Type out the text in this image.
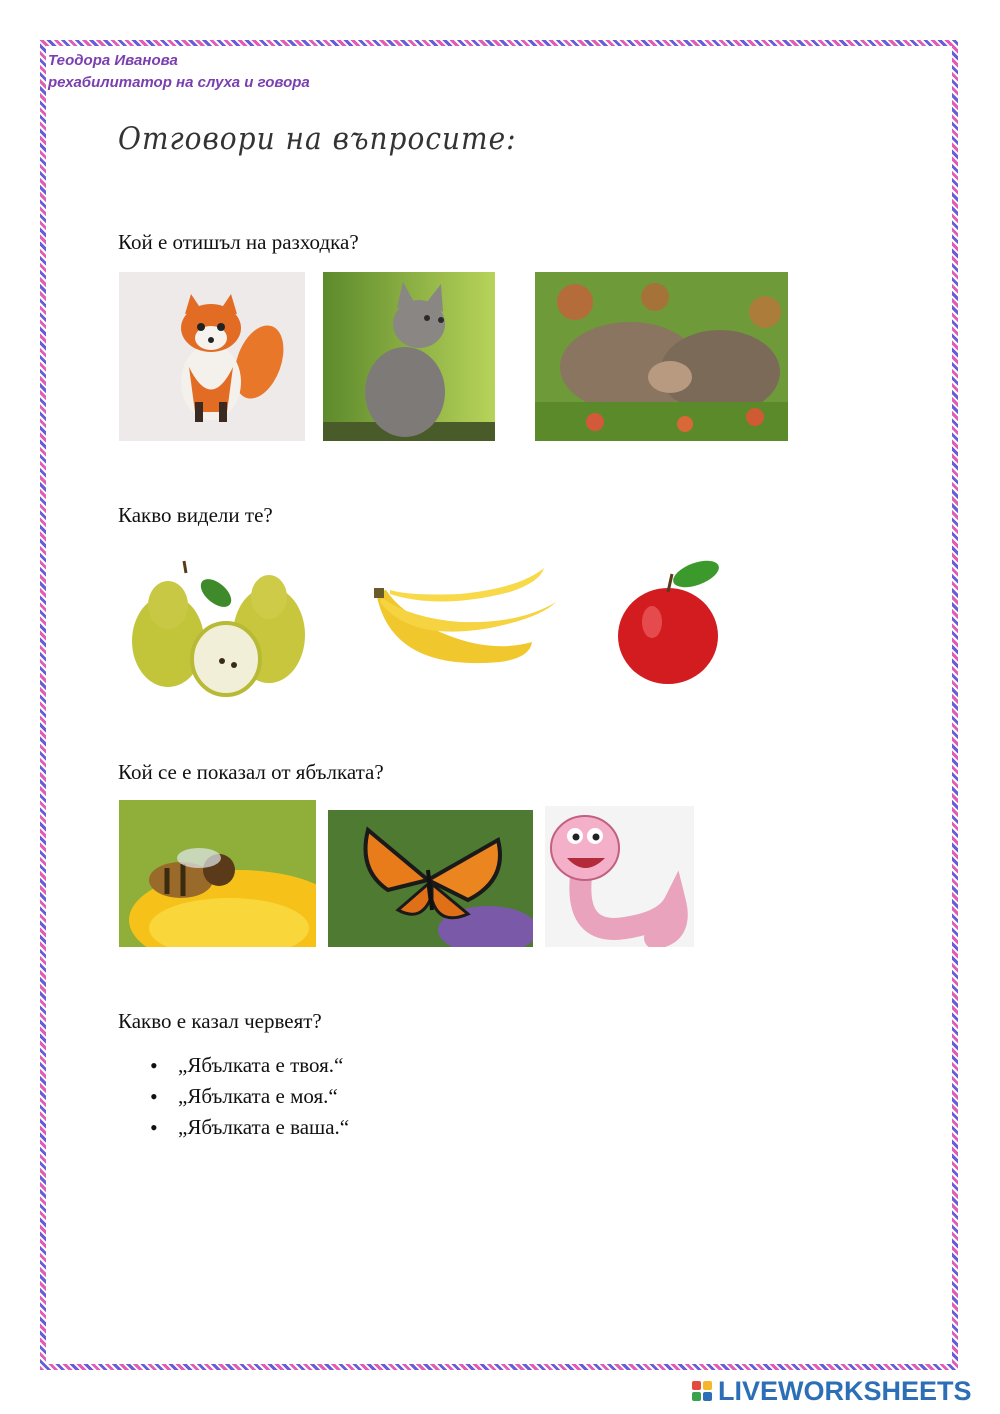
Теодора Иванова
рехабилитатор на слуха и говора
Отговори на въпросите:
Кой е отишъл на разходка?
Какво видели те?
Кой се е показал от ябълката?
Какво е казал червеят?
• „Ябълката е твоя.“
• „Ябълката е моя.“
• „Ябълката е ваша.“
LIVEWORKSHEETS
